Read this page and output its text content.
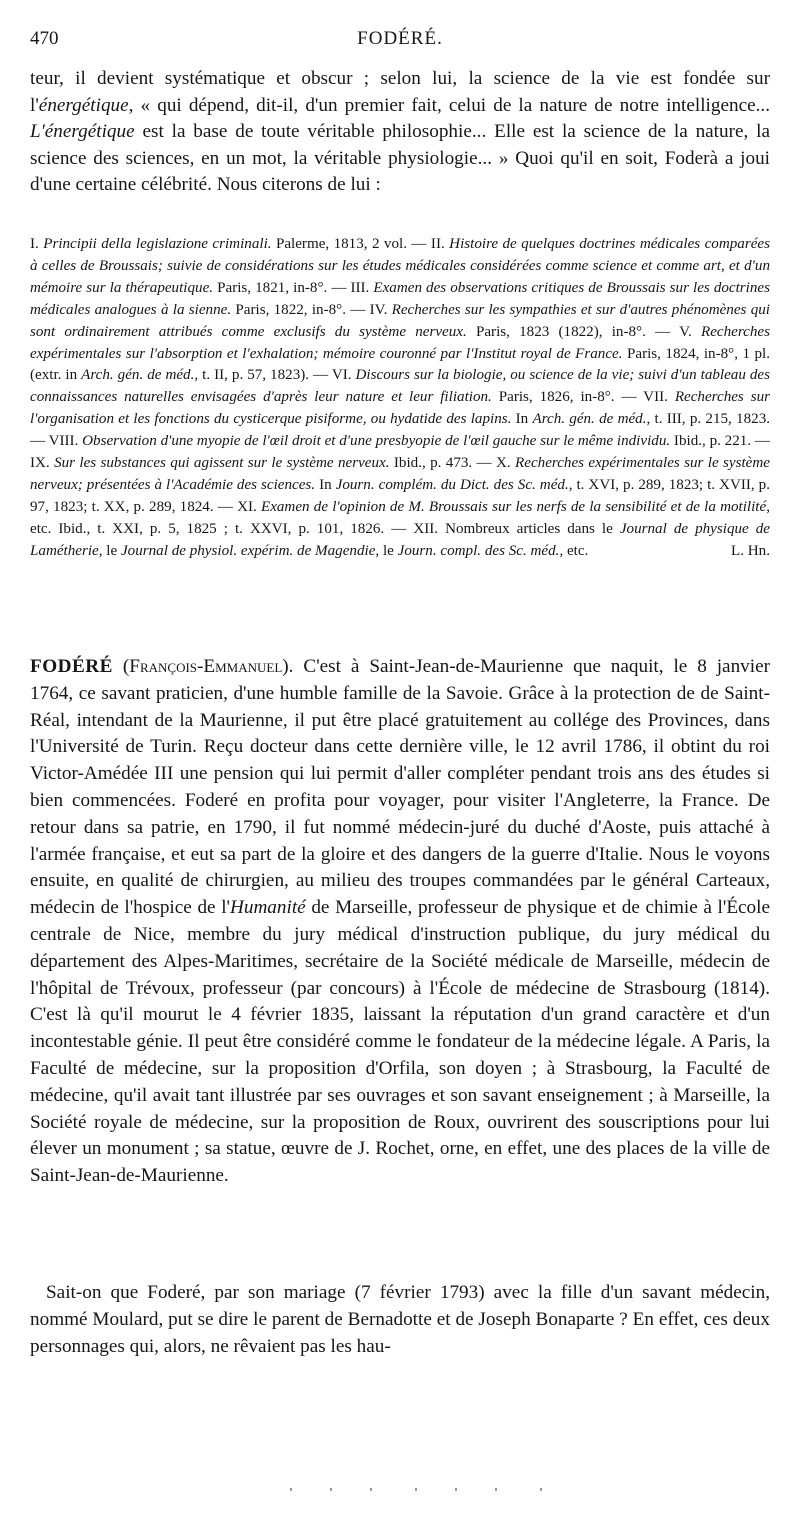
470	FODÉRÉ.

teur, il devient systématique et obscur ; selon lui, la science de la vie est fondée sur l'énergétique, « qui dépend, dit-il, d'un premier fait, celui de la nature de notre intelligence... L'énergétique est la base de toute véritable philosophie... Elle est la science de la nature, la science des sciences, en un mot, la véritable physiologie... » Quoi qu'il en soit, Foderà a joui d'une certaine célébrité. Nous citerons de lui :

I. Principii della legislazione criminali. Palerme, 1813, 2 vol. — II. Histoire de quelques doctrines médicales comparées à celles de Broussais; suivie de considérations sur les études médicales considérées comme science et comme art, et d'un mémoire sur la thérapeutique. Paris, 1821, in-8°. — III. Examen des observations critiques de Broussais sur les doctrines médicales analogues à la sienne. Paris, 1822, in-8°. — IV. Recherches sur les sympathies et sur d'autres phénomènes qui sont ordinairement attribués comme exclusifs du système nerveux. Paris, 1823 (1822), in-8°. — V. Recherches expérimentales sur l'absorption et l'exhalation; mémoire couronné par l'Institut royal de France. Paris, 1824, in-8°, 1 pl. (extr. in Arch. gén. de méd., t. II, p. 57, 1823). — VI. Discours sur la biologie, ou science de la vie; suivi d'un tableau des connaissances naturelles envisagées d'après leur nature et leur filiation. Paris, 1826, in-8°. — VII. Recherches sur l'organisation et les fonctions du cysticerque pisiforme, ou hydatide des lapins. In Arch. gén. de méd., t. III, p. 215, 1823. — VIII. Observation d'une myopie de l'œil droit et d'une presbyopie de l'œil gauche sur le même individu. Ibid., p. 221. — IX. Sur les substances qui agissent sur le système nerveux. Ibid., p. 473. — X. Recherches expérimentales sur le système nerveux; présentées à l'Académie des sciences. In Journ. complém. du Dict. des Sc. méd., t. XVI, p. 289, 1823; t. XVII, p. 97, 1823; t. XX, p. 289, 1824. — XI. Examen de l'opinion de M. Broussais sur les nerfs de la sensibilité et de la motilité, etc. Ibid., t. XXI, p. 5, 1825 ; t. XXVI, p. 101, 1826. — XII. Nombreux articles dans le Journal de physique de Lamétherie, le Journal de physiol. expérim. de Magendie, le Journ. compl. des Sc. méd., etc.	L. Hn.

FODÉRÉ (François-Emmanuel). C'est à Saint-Jean-de-Maurienne que naquit, le 8 janvier 1764, ce savant praticien, d'une humble famille de la Savoie. Grâce à la protection de de Saint-Réal, intendant de la Maurienne, il put être placé gratuitement au collége des Provinces, dans l'Université de Turin. Reçu docteur dans cette dernière ville, le 12 avril 1786, il obtint du roi Victor-Amédée III une pension qui lui permit d'aller compléter pendant trois ans des études si bien commencées. Foderé en profita pour voyager, pour visiter l'Angleterre, la France. De retour dans sa patrie, en 1790, il fut nommé médecin-juré du duché d'Aoste, puis attaché à l'armée française, et eut sa part de la gloire et des dangers de la guerre d'Italie. Nous le voyons ensuite, en qualité de chirurgien, au milieu des troupes commandées par le général Carteaux, médecin de l'hospice de l'Humanité de Marseille, professeur de physique et de chimie à l'École centrale de Nice, membre du jury médical d'instruction publique, du jury médical du département des Alpes-Maritimes, secrétaire de la Société médicale de Marseille, médecin de l'hôpital de Trévoux, professeur (par concours) à l'École de médecine de Strasbourg (1814). C'est là qu'il mourut le 4 février 1835, laissant la réputation d'un grand caractère et d'un incontestable génie. Il peut être considéré comme le fondateur de la médecine légale. A Paris, la Faculté de médecine, sur la proposition d'Orfila, son doyen ; à Strasbourg, la Faculté de médecine, qu'il avait tant illustrée par ses ouvrages et son savant enseignement ; à Marseille, la Société royale de médecine, sur la proposition de Roux, ouvrirent des souscriptions pour lui élever un monument ; sa statue, œuvre de J. Rochet, orne, en effet, une des places de la ville de Saint-Jean-de-Maurienne.

Sait-on que Foderé, par son mariage (7 février 1793) avec la fille d'un savant médecin, nommé Moulard, put se dire le parent de Bernadotte et de Joseph Bonaparte ? En effet, ces deux personnages qui, alors, ne rêvaient pas les hau-
